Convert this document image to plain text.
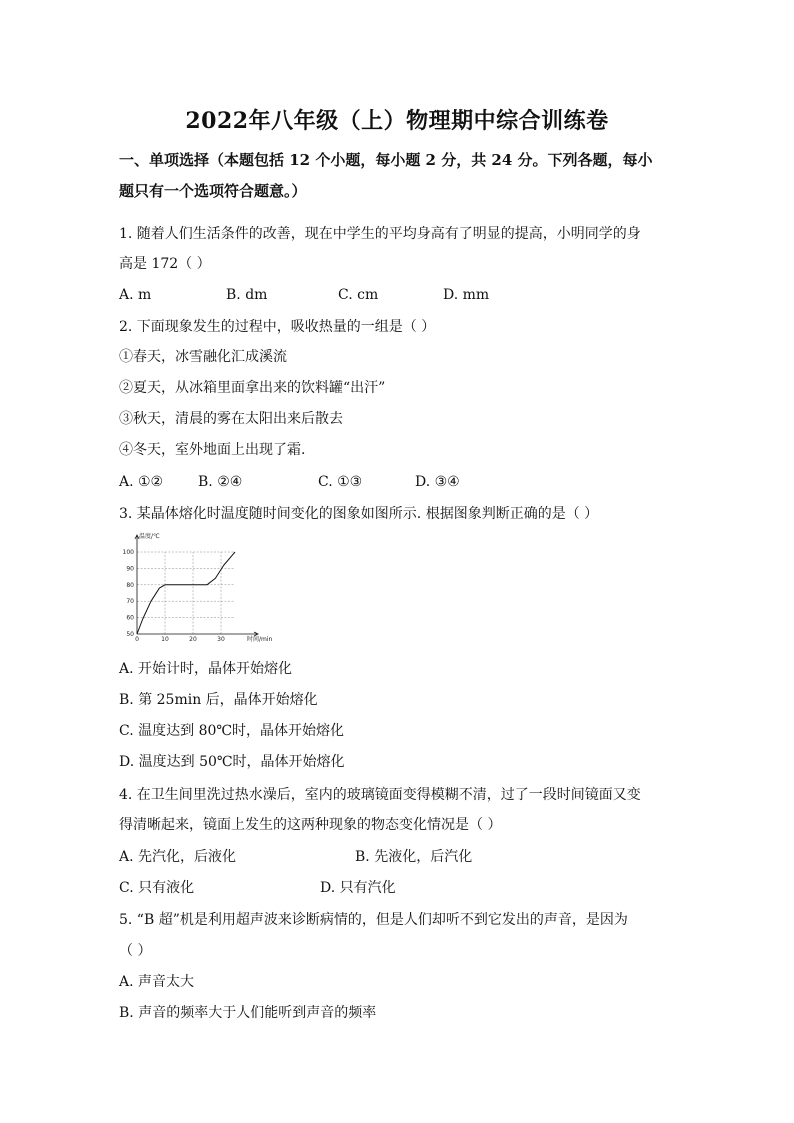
2022年八年级（上）物理期中综合训练卷
一、单项选择（本题包括 12 个小题，每小题 2 分，共 24 分。下列各题，每小
题只有一个选项符合题意。）
1. 随着人们生活条件的改善，现在中学生的平均身高有了明显的提高，小明同学的身
高是 172（ ）
A. m	B. dm	C. cm	D. mm
2. 下面现象发生的过程中，吸收热量的一组是（ ）
①春天，冰雪融化汇成溪流
②夏天，从冰箱里面拿出来的饮料罐“出汗”
③秋天，清晨的雾在太阳出来后散去
④冬天，室外地面上出现了霜.
A. ①② B. ②④	C. ①③	D. ③④
3. 某晶体熔化时温度随时间变化的图象如图所示. 根据图象判断正确的是（ ）
0	10	20	30
50
60
70
80
90
100
温度/℃
时间/min
A. 开始计时，晶体开始熔化
B. 第 25min 后，晶体开始熔化
C. 温度达到 80℃时，晶体开始熔化
D. 温度达到 50℃时，晶体开始熔化
4. 在卫生间里洗过热水澡后，室内的玻璃镜面变得模糊不清，过了一段时间镜面又变
得清晰起来，镜面上发生的这两种现象的物态变化情况是（ ）
A. 先汽化，后液化	B. 先液化，后汽化
C. 只有液化	D. 只有汽化
5. “B 超”机是利用超声波来诊断病情的，但是人们却听不到它发出的声音，是因为
（ ）
A. 声音太大
B. 声音的频率大于人们能听到声音的频率
